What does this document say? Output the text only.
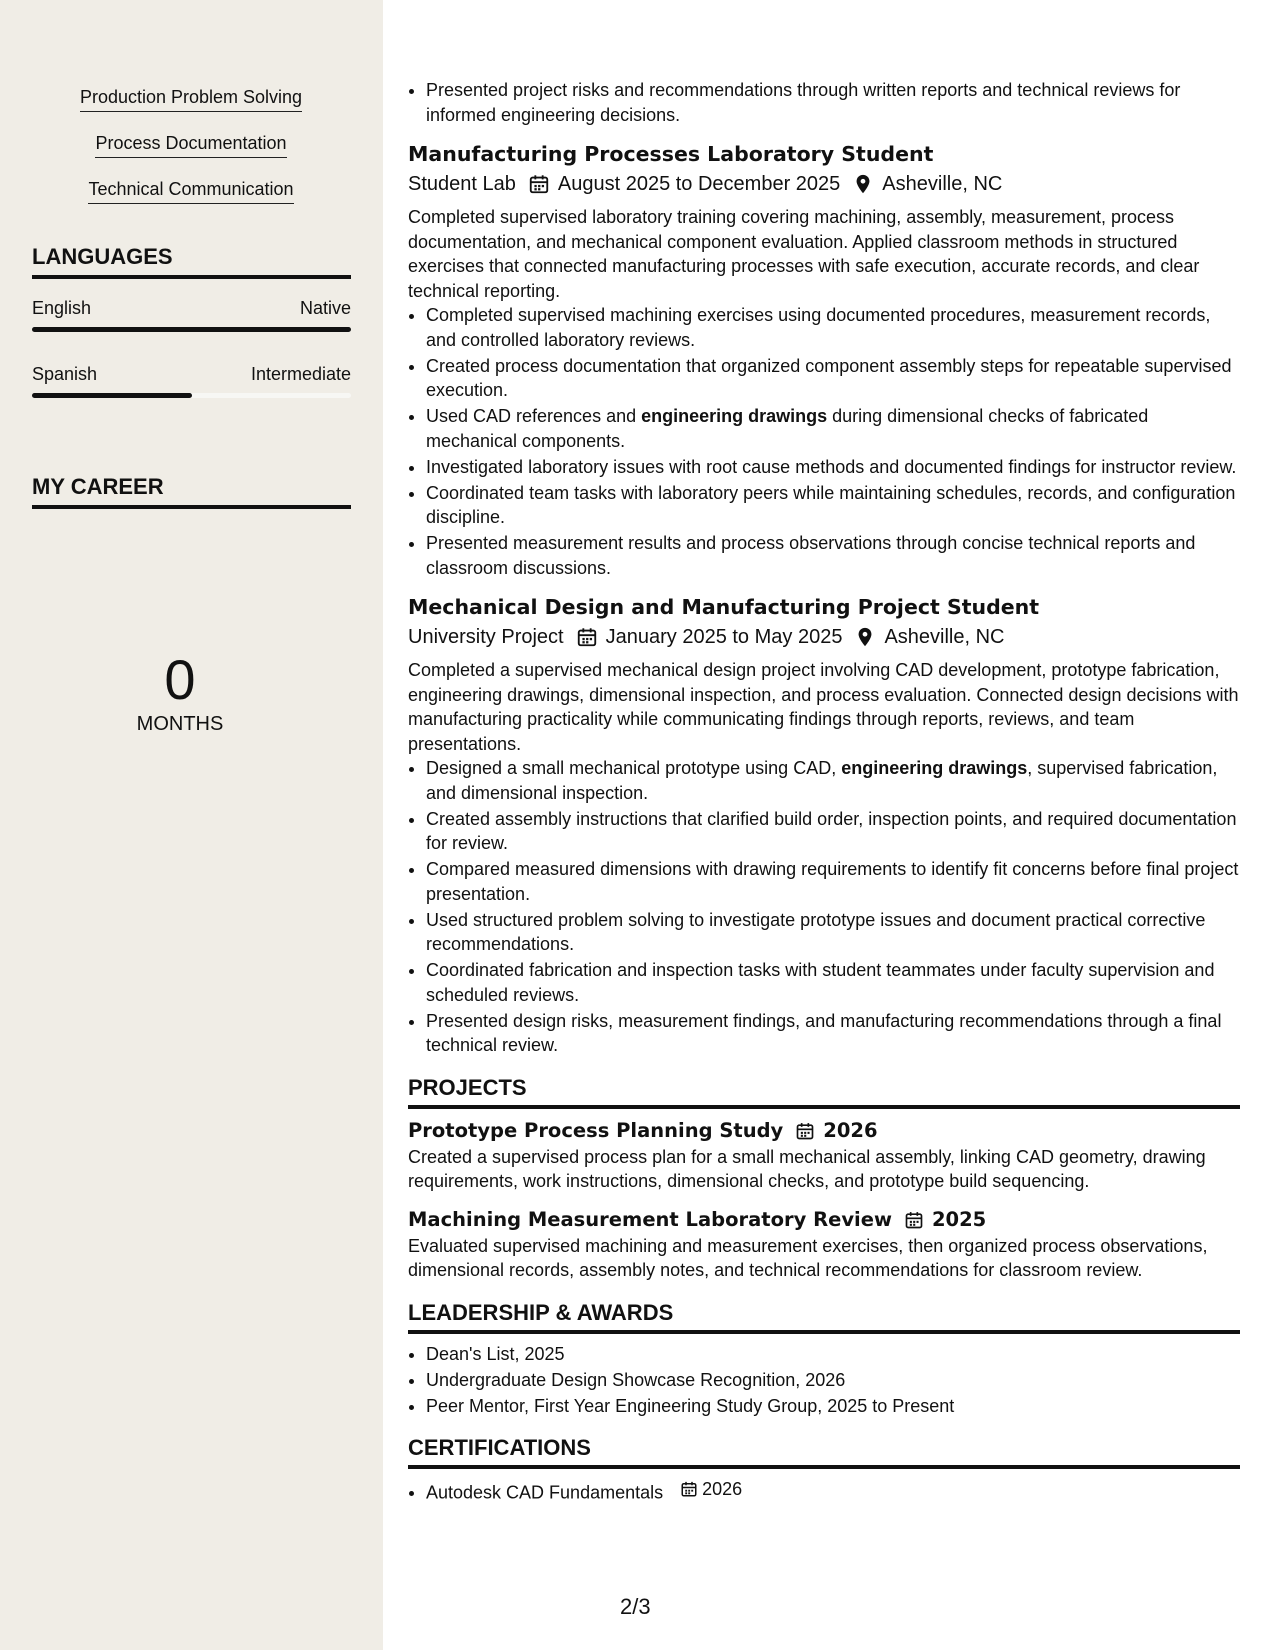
Production Problem Solving
Process Documentation
Technical Communication
LANGUAGES
English	Native
Spanish	Intermediate
MY CAREER
0
MONTHS
• Presented project risks and recommendations through written reports and technical reviews for informed engineering decisions.
Manufacturing Processes Laboratory Student
Student Lab August 2025 to December 2025 Asheville, NC
Completed supervised laboratory training covering machining, assembly, measurement, process documentation, and mechanical component evaluation. Applied classroom methods in structured exercises that connected manufacturing processes with safe execution, accurate records, and clear technical reporting.
• Completed supervised machining exercises using documented procedures, measurement records, and controlled laboratory reviews.
• Created process documentation that organized component assembly steps for repeatable supervised execution.
• Used CAD references and engineering drawings during dimensional checks of fabricated mechanical components.
• Investigated laboratory issues with root cause methods and documented findings for instructor review.
• Coordinated team tasks with laboratory peers while maintaining schedules, records, and configuration discipline.
• Presented measurement results and process observations through concise technical reports and classroom discussions.
Mechanical Design and Manufacturing Project Student
University Project January 2025 to May 2025 Asheville, NC
Completed a supervised mechanical design project involving CAD development, prototype fabrication, engineering drawings, dimensional inspection, and process evaluation. Connected design decisions with manufacturing practicality while communicating findings through reports, reviews, and team presentations.
• Designed a small mechanical prototype using CAD, engineering drawings, supervised fabrication, and dimensional inspection.
• Created assembly instructions that clarified build order, inspection points, and required documentation for review.
• Compared measured dimensions with drawing requirements to identify fit concerns before final project presentation.
• Used structured problem solving to investigate prototype issues and document practical corrective recommendations.
• Coordinated fabrication and inspection tasks with student teammates under faculty supervision and scheduled reviews.
• Presented design risks, measurement findings, and manufacturing recommendations through a final technical review.
PROJECTS
Prototype Process Planning Study 2026
Created a supervised process plan for a small mechanical assembly, linking CAD geometry, drawing requirements, work instructions, dimensional checks, and prototype build sequencing.
Machining Measurement Laboratory Review 2025
Evaluated supervised machining and measurement exercises, then organized process observations, dimensional records, assembly notes, and technical recommendations for classroom review.
LEADERSHIP & AWARDS
• Dean's List, 2025
• Undergraduate Design Showcase Recognition, 2026
• Peer Mentor, First Year Engineering Study Group, 2025 to Present
CERTIFICATIONS
• Autodesk CAD Fundamentals 2026
2/3
